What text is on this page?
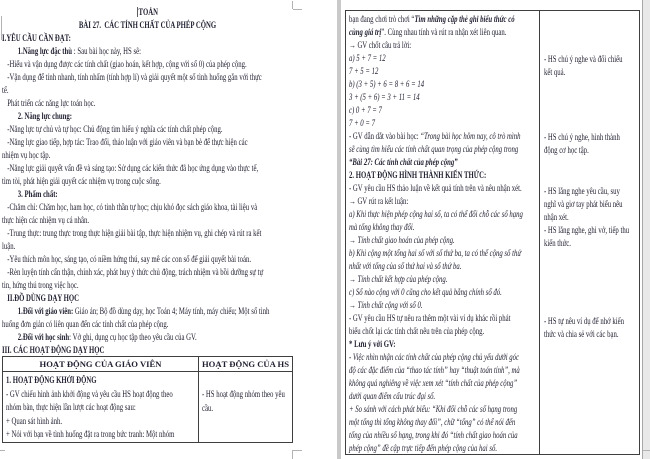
TOÁN
BÀI 27.  CÁC TÍNH CHẤT CỦA PHÉP CỘNG
I.YÊU CẦU CẦN ĐẠT:
1.Năng lực đặc thù : Sau bài học này, HS sẽ:
-Hiểu và vận dụng được các tính chất (giao hoán, kết hợp, cộng với số 0) của phép cộng.
-Vận dụng để tính nhanh, tính nhẩm (tính hợp lí) và giải quyết một số tình huống gắn với thực
tế.
Phát triển các năng lực toán học.
2. Năng lực chung:
-Năng lực tự chủ và tự học: Chủ động tìm hiểu ý nghĩa các tính chất phép cộng.
-Năng lực giao tiếp, hợp tác: Trao đổi, thảo luận với giáo viên và bạn bè để thực hiện các
nhiệm vụ học tập.
-Năng lực giải quyết vấn đề và sáng tạo: Sử dụng các kiến thức đã học ứng dụng vào thực tế,
tìm tòi, phát hiện giải quyết các nhiệm vụ trong cuộc sống.
3. Phẩm chất:
-Chăm chỉ: Chăm học, ham học, có tinh thần tự học; chịu khó đọc sách giáo khoa, tài liệu và
thực hiện các nhiệm vụ cá nhân.
-Trung thực: trung thực trong thực hiện giải bài tập, thực hiện nhiệm vụ, ghi chép và rút ra kết
luận.
-Yêu thích môn học, sáng tạo, có niềm hứng thú, say mê các con số để giải quyết bài toán.
-Rèn luyện tính cẩn thận, chính xác, phát huy ý thức chủ động, trách nhiệm và bồi dưỡng sự tự
tin, hứng thú trong việc học.
II.ĐỒ DÙNG DẠY HỌC
1.Đối với giáo viên: Giáo án; Bộ đồ dùng dạy, học Toán 4; Máy tính, máy chiếu; Một số tình
huống đơn giản có liên quan đến các tính chất của phép cộng.
2.Đối với học sinh: Vở ghi, dụng cụ học tập theo yêu cầu của GV.
III. CÁC HOẠT ĐỘNG DẠY HỌC
HOẠT ĐỘNG CỦA GIÁO VIÊN	HOẠT ĐỘNG CỦA HS
1. HOẠT ĐỘNG KHỞI ĐỘNG
- GV chiếu hình ảnh khởi động và yêu cầu HS hoạt động theo
nhóm bàn, thực hiện lần lượt các hoạt động sau:
+ Quan sát hình ảnh.
+ Nói với bạn về tình huống đặt ra trong bức tranh: Một nhóm
- HS hoạt động nhóm theo yêu
cầu.
bạn đang chơi trò chơi “Tìm những cặp thẻ ghi biểu thức có
cùng giá trị”. Cùng nhau tính và rút ra nhận xét liên quan.
→ GV chốt câu trả lời:
a) 5 + 7 = 12
7 + 5 = 12
b) (3 + 5) + 6 = 8 + 6 = 14
3 + (5 + 6) = 3 + 11 = 14
c) 0 + 7 = 7
7 + 0 = 7
- GV dẫn dắt vào bài học: “Trong bài học hôm nay, cô trò mình
sẽ cùng tìm hiểu các tính chất quan trọng của phép cộng trong
“Bài 27: Các tính chất của phép cộng”
2. HOẠT ĐỘNG HÌNH THÀNH KIẾN THỨC:
- GV yêu cầu HS thảo luận về kết quả tính trên và nêu nhận xét.
→ GV rút ra kết luận:
a) Khi thực hiện phép cộng hai số, ta có thể đổi chỗ các số hạng
mà tổng không thay đổi.
→ Tính chất giao hoán của phép cộng.
b) Khi cộng một tổng hai số với số thứ ba, ta có thể cộng số thứ
nhất với tổng của số thứ hai và số thứ ba.
→ Tính chất kết hợp của phép cộng.
c) Số nào cộng với 0 cũng cho kết quả bằng chính số đó.
→ Tính chất cộng với số 0.
- GV yêu cầu HS tự nêu ra thêm một vài ví dụ khác rồi phát
biểu chốt lại các tính chất nêu trên của phép cộng.
* Lưu ý với GV:
- Việc nhìn nhận các tính chất của phép cộng chủ yếu dưới góc
độ các đặc điểm của “thao tác tính” hay “thuật toán tính”, mà
không quá nghiêng về việc xem xét “tính chất của phép cộng”
dưới quan điểm cấu trúc đại số.
+ So sánh với cách phát biểu: “Khi đổi chỗ các số hạng trong
một tổng thì tổng không thay đổi”, chữ “tổng” có thể nói đến
tổng của nhiều số hạng, trong khi đó “tính chất giao hoán của
phép cộng” đề cập trực tiếp đến phép cộng của hai số.
- HS chú ý nghe và đối chiếu
kết quả.
- HS chú ý nghe, hình thành
động cơ học tập.
- HS lắng nghe yêu cầu, suy
nghĩ và giơ tay phát biểu nêu
nhận xét.
- HS lắng nghe, ghi vở, tiếp thu
kiến thức.
- HS tự nêu ví dụ để nhớ kiến
thức và chia sẻ với các bạn.
